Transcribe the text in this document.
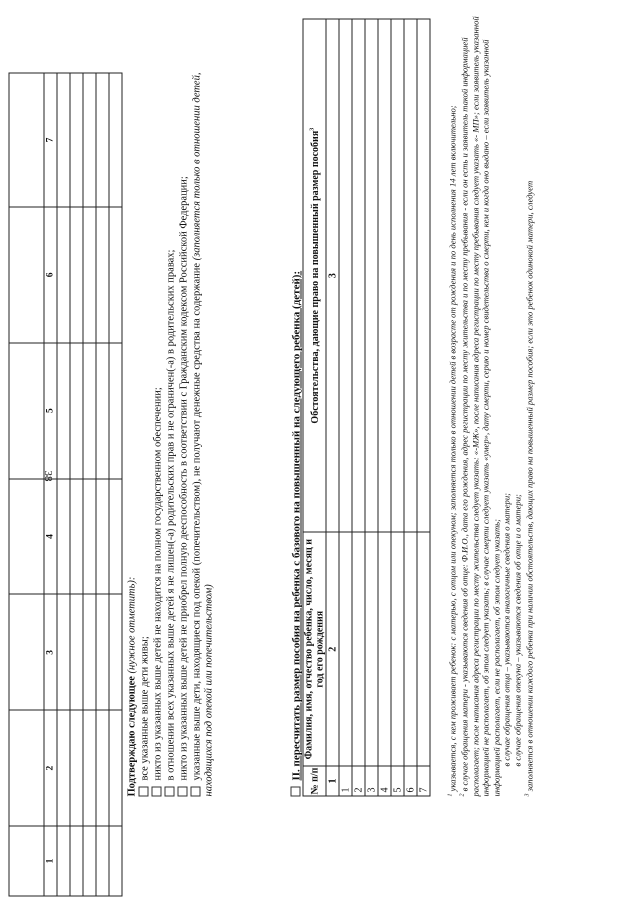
1	2	3	4	5	6	7

Подтверждаю следующее (нужное отметить):
все указанные выше дети живы; никто из указанных выше детей не находится на полном государственном обеспечении; в отношении всех указанных выше детей я не лишен(-а) родительских прав и не ограничен(-а) в родительских правах; никто из указанных выше детей не приобрел полную дееспособность в соответствии с Гражданским кодексом Российской Федерации; указанные выше дети, находящиеся под опекой (попечительством), не получают денежные средства на содержание (заполняется только в отношении детей, находящихся под опекой или попечительством)	II. пересчитать размер пособия на ребенка с базового на повышенный на следующего ребенка (детей):
№ п/п	Фамилия, имя, отчество ребенка, число, месяц и год его рождения	Обстоятельства, дающие право на повышенный размер пособия$^3$
1	2	3
1		
2		
3		
4		
5		
6		
7		

$^1$ указывается, с кем проживает ребенок: с матерью, с отцом или опекуном; заполняется только в отношении детей в возрасте от рождения и по день исполнения 14 лет включительно;

$^2$ в случае обращения матери - указываются сведения об отце: Ф.И.О., дата его рождения, адрес регистрации по месту жительства и по месту пребывания - если он есть и заявитель такой информацией располагает; после написания адреса регистрации по месту жительства следует указать: «-МЖ», после написания адреса регистрации по месту пребывания следует указать «- МП»; если заявитель указанной информацией не располагает, об этом следует указать; в случае смерти следует указать «умер», дату смерти, серию и номер свидетельства о смерти, кем и когда оно выдано – если заявитель указанной информацией располагает, если не располагает, об этом следует указать; в случае обращения отца – указываются аналогичные сведения о матери; в случае обращения опекуна – указываются сведения об отце и о матери;

$^3$ заполняется в отношении каждого ребенка при наличии обстоятельств, дающих право на повышенный размер пособия; если это ребенок одинокой матери, следует

38
